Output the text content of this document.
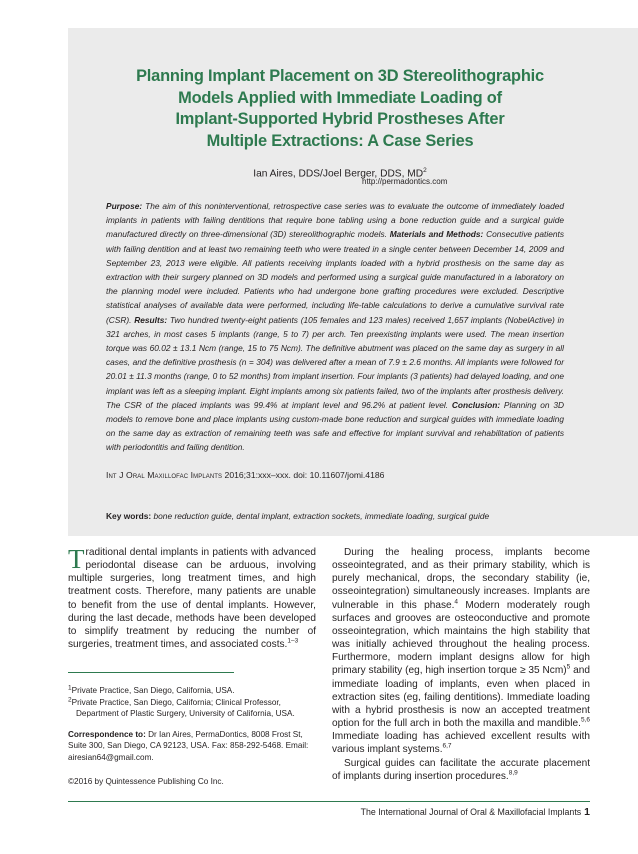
Planning Implant Placement on 3D Stereolithographic
Models Applied with Immediate Loading of
Implant-Supported Hybrid Prostheses After
Multiple Extractions: A Case Series
Ian Aires, DDS/Joel Berger, DDS, $MD^2$
http://permadontics.com
Purpose: The aim of this noninterventional, retrospective case series was to evaluate the outcome of immediately loaded implants in patients with failing dentitions that require bone tabling using a bone reduction guide and a surgical guide manufactured directly on three-dimensional (3D) stereolithographic models. Materials and Methods: Consecutive patients with failing dentition and at least two remaining teeth who were treated in a single center between December 14, 2009 and September 23, 2013 were eligible. All patients receiving implants loaded with a hybrid prosthesis on the same day as extraction with their surgery planned on 3D models and performed using a surgical guide manufactured in a laboratory on the planning model were included. Patients who had undergone bone grafting procedures were excluded. Descriptive statistical analyses of available data were performed, including life-table calculations to derive a cumulative survival rate (CSR). Results: Two hundred twenty-eight patients (105 females and 123 males) received 1,657 implants (NobelActive) in 321 arches, in most cases 5 implants (range, 5 to 7) per arch. Ten preexisting implants were used. The mean insertion torque was 60.02 ± 13.1 Ncm (range, 15 to 75 Ncm). The definitive abutment was placed on the same day as surgery in all cases, and the definitive prosthesis (n = 304) was delivered after a mean of 7.9 ± 2.6 months. All implants were followed for 20.01 ± 11.3 months (range, 0 to 52 months) from implant insertion. Four implants (3 patients) had delayed loading, and one implant was left as a sleeping implant. Eight implants among six patients failed, two of the implants after prosthesis delivery. The CSR of the placed implants was 99.4% at implant level and 96.2% at patient level. Conclusion: Planning on 3D models to remove bone and place implants using custom-made bone reduction and surgical guides with immediate loading on the same day as extraction of remaining teeth was safe and effective for implant survival and rehabilitation of patients with periodontitis and failing dentition.
Int J Oral Maxillofac Implants 2016;31:xxx–xxx. doi: 10.11607/jomi.4186
Key words: bone reduction guide, dental implant, extraction sockets, immediate loading, surgical guide

Traditional dental implants in patients with advanced periodontal disease can be arduous, involving multiple surgeries, long treatment times, and high treatment costs. Therefore, many patients are unable to benefit from the use of dental implants. However, during the last decade, methods have been developed to simplify treatment by reducing the number of surgeries, treatment times, and associated costs.$^{1-3}$

$^1$Private Practice, San Diego, California, USA.

$^2$Private Practice, San Diego, California; Clinical Professor,

Department of Plastic Surgery, University of California, USA.

Correspondence to: Dr Ian Aires, PermaDontics, 8008 Frost St, Suite 300, San Diego, CA 92123, USA. Fax: 858-292-5468. Email: airesian64@gmail.com.

©2016 by Quintessence Publishing Co Inc.

During the healing process, implants become osseointegrated, and as their primary stability, which is purely mechanical, drops, the secondary stability (ie, osseointegration) simultaneously increases. Implants are vulnerable in this phase.$^4$ Modern moderately rough surfaces and grooves are osteoconductive and promote osseointegration, which maintains the high stability that was initially achieved throughout the healing process. Furthermore, modern implant designs allow for high primary stability (eg, high insertion torque ≥ 35 Ncm)$^5$ and immediate loading of implants, even when placed in extraction sites (eg, failing dentitions). Immediate loading with a hybrid prosthesis is now an accepted treatment option for the full arch in both the maxilla and mandible.$^{5,6}$ Immediate loading has achieved excellent results with various implant systems.$^{6,7}$

Surgical guides can facilitate the accurate placement of implants during insertion procedures.$^{8,9}$

The International Journal of Oral & Maxillofacial Implants 1
